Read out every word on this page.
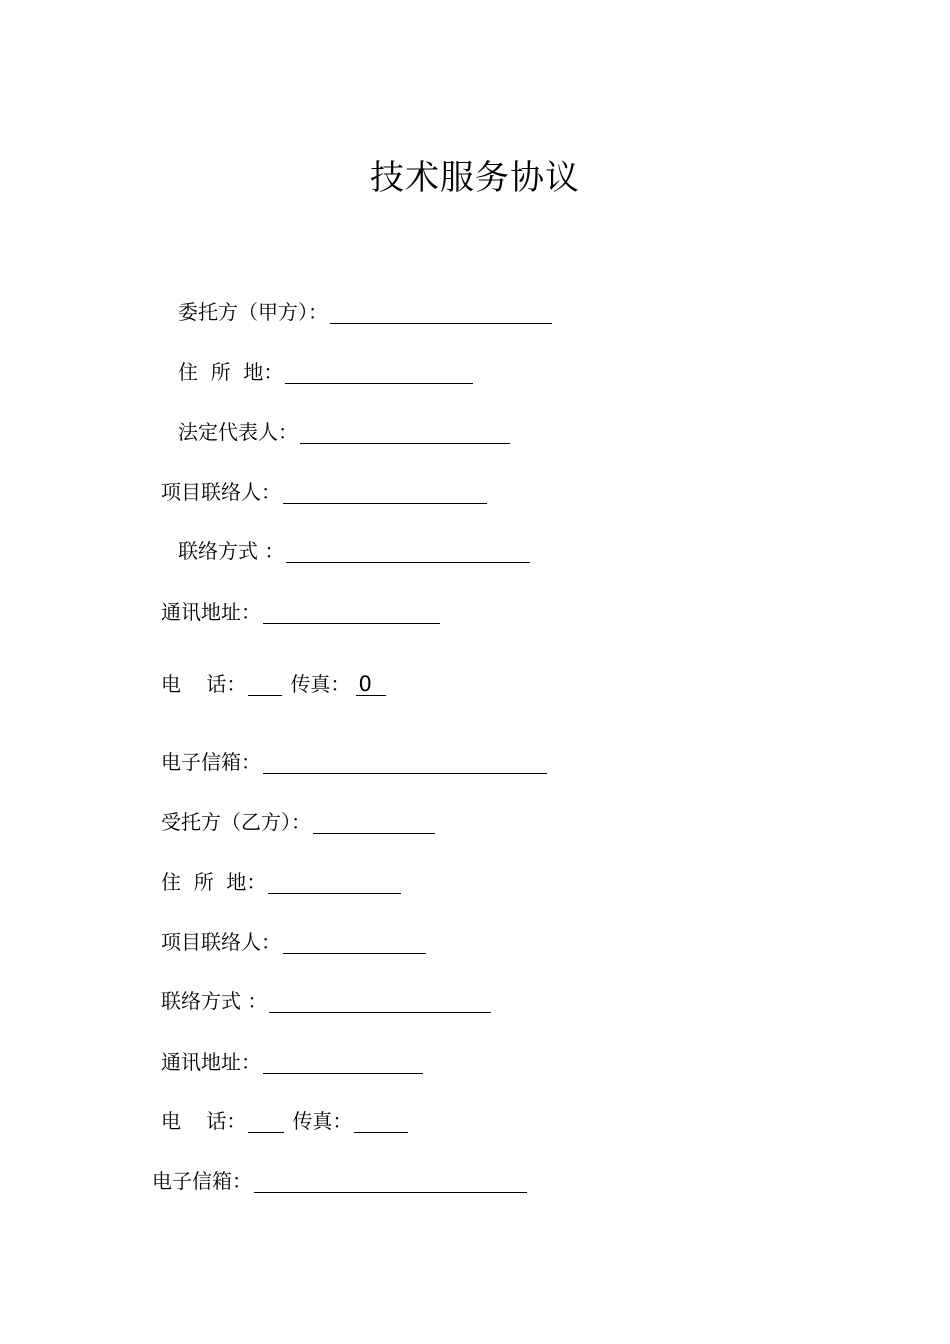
技术服务协议
委托方（甲方）：
住  所  地：
法定代表人：
项目联络人：
联络方式 ：
通讯地址：
电    话： 传真： 0
电子信箱：
受托方（乙方）：
住  所  地：
项目联络人：
联络方式 ：
通讯地址：
电    话： 传真：
电子信箱：
